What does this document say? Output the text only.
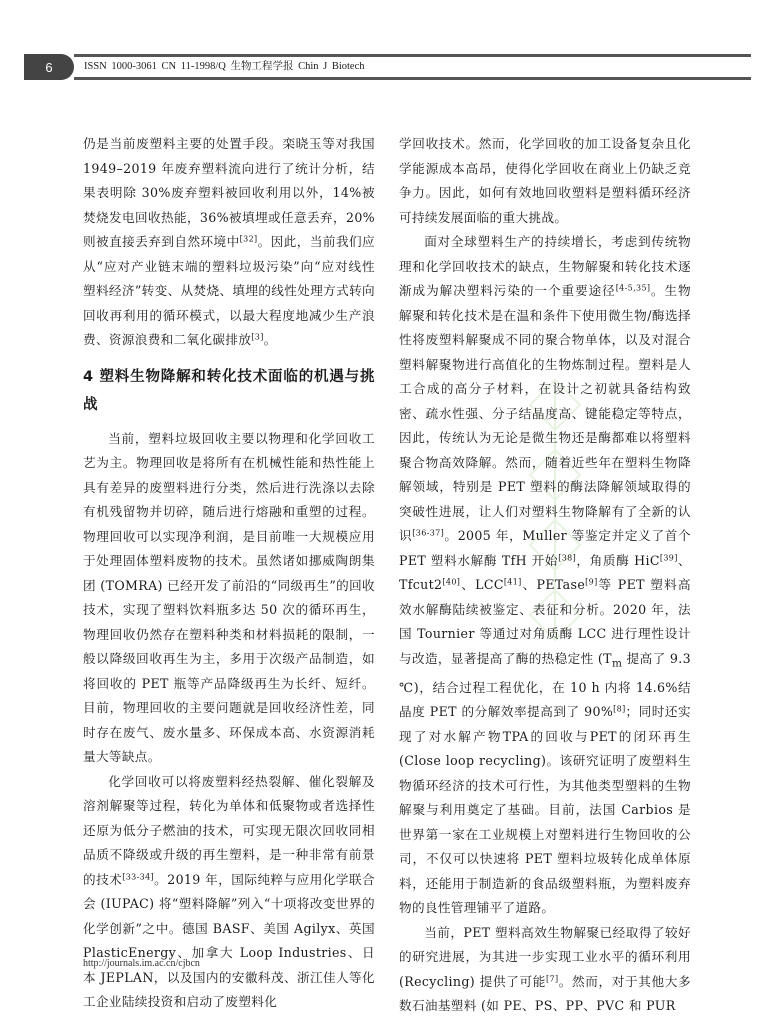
6	ISSN 1000-3061 CN 11-1998/Q 生物工程学报 Chin J Biotech

仍是当前废塑料主要的处置手段。栾晓玉等对我国 1949–2019 年废弃塑料流向进行了统计分析，结果表明除 30%废弃塑料被回收利用以外，14%被焚烧发电回收热能，36%被填埋或任意丢弃，20%则被直接丢弃到自然环境中[32]。因此，当前我们应从“应对产业链末端的塑料垃圾污染”向“应对线性塑料经济”转变、从焚烧、填埋的线性处理方式转向回收再利用的循环模式，以最大程度地减少生产浪费、资源浪费和二氧化碳排放[3]。

4 塑料生物降解和转化技术面临的机遇与挑战

当前，塑料垃圾回收主要以物理和化学回收工艺为主。物理回收是将所有在机械性能和热性能上具有差异的废塑料进行分类，然后进行洗涤以去除有机残留物并切碎，随后进行熔融和重塑的过程。物理回收可以实现净利润，是目前唯一大规模应用于处理固体塑料废物的技术。虽然诸如挪威陶朗集团 (TOMRA) 已经开发了前沿的“同级再生”的回收技术，实现了塑料饮料瓶多达 50 次的循环再生，物理回收仍然存在塑料种类和材料损耗的限制，一般以降级回收再生为主，多用于次级产品制造，如将回收的 PET 瓶等产品降级再生为长纤、短纤。目前，物理回收的主要问题就是回收经济性差，同时存在废气、废水量多、环保成本高、水资源消耗量大等缺点。

化学回收可以将废塑料经热裂解、催化裂解及溶剂解聚等过程，转化为单体和低聚物或者选择性还原为低分子燃油的技术，可实现无限次回收同相品质不降级或升级的再生塑料，是一种非常有前景的技术[33-34]。2019 年，国际纯粹与应用化学联合会 (IUPAC) 将“塑料降解”列入“十项将改变世界的化学创新”之中。德国 BASF、美国 Agilyx、英国 PlasticEnergy、加拿大 Loop Industries、日本 JEPLAN，以及国内的安徽科茂、浙江佳人等化工企业陆续投资和启动了废塑料化

学回收技术。然而，化学回收的加工设备复杂且化学能源成本高昂，使得化学回收在商业上仍缺乏竞争力。因此，如何有效地回收塑料是塑料循环经济可持续发展面临的重大挑战。

面对全球塑料生产的持续增长，考虑到传统物理和化学回收技术的缺点，生物解聚和转化技术逐渐成为解决塑料污染的一个重要途径[4-5,35]。生物解聚和转化技术是在温和条件下使用微生物/酶选择性将废塑料解聚成不同的聚合物单体，以及对混合塑料解聚物进行高值化的生物炼制过程。塑料是人工合成的高分子材料，在设计之初就具备结构致密、疏水性强、分子结晶度高、键能稳定等特点，因此，传统认为无论是微生物还是酶都难以将塑料聚合物高效降解。然而，随着近些年在塑料生物降解领域，特别是 PET 塑料的酶法降解领域取得的突破性进展，让人们对塑料生物降解有了全新的认识[36-37]。2005 年，Muller 等鉴定并定义了首个 PET 塑料水解酶 TfH 开始[38]，角质酶 HiC[39]、Tfcut2[40]、LCC[41]、PETase[9]等 PET 塑料高效水解酶陆续被鉴定、表征和分析。2020 年，法国 Tournier 等通过对角质酶 LCC 进行理性设计与改造，显著提高了酶的热稳定性 ($T_m$ 提高了 9.3 ℃)，结合过程工程优化，在 10 h 内将 14.6%结晶度 PET 的分解效率提高到了 90%[8]；同时还实现了对水解产物TPA的回收与PET的闭环再生 (Close loop recycling)。该研究证明了废塑料生物循环经济的技术可行性，为其他类型塑料的生物解聚与利用奠定了基础。目前，法国 Carbios 是世界第一家在工业规模上对塑料进行生物回收的公司，不仅可以快速将 PET 塑料垃圾转化成单体原料，还能用于制造新的食品级塑料瓶，为塑料废弃物的良性管理铺平了道路。

当前，PET 塑料高效生物解聚已经取得了较好的研究进展，为其进一步实现工业水平的循环利用 (Recycling) 提供了可能[7]。然而，对于其他大多数石油基塑料 (如 PE、PS、PP、PVC 和 PUR

http://journals.im.ac.cn/cjbcn
